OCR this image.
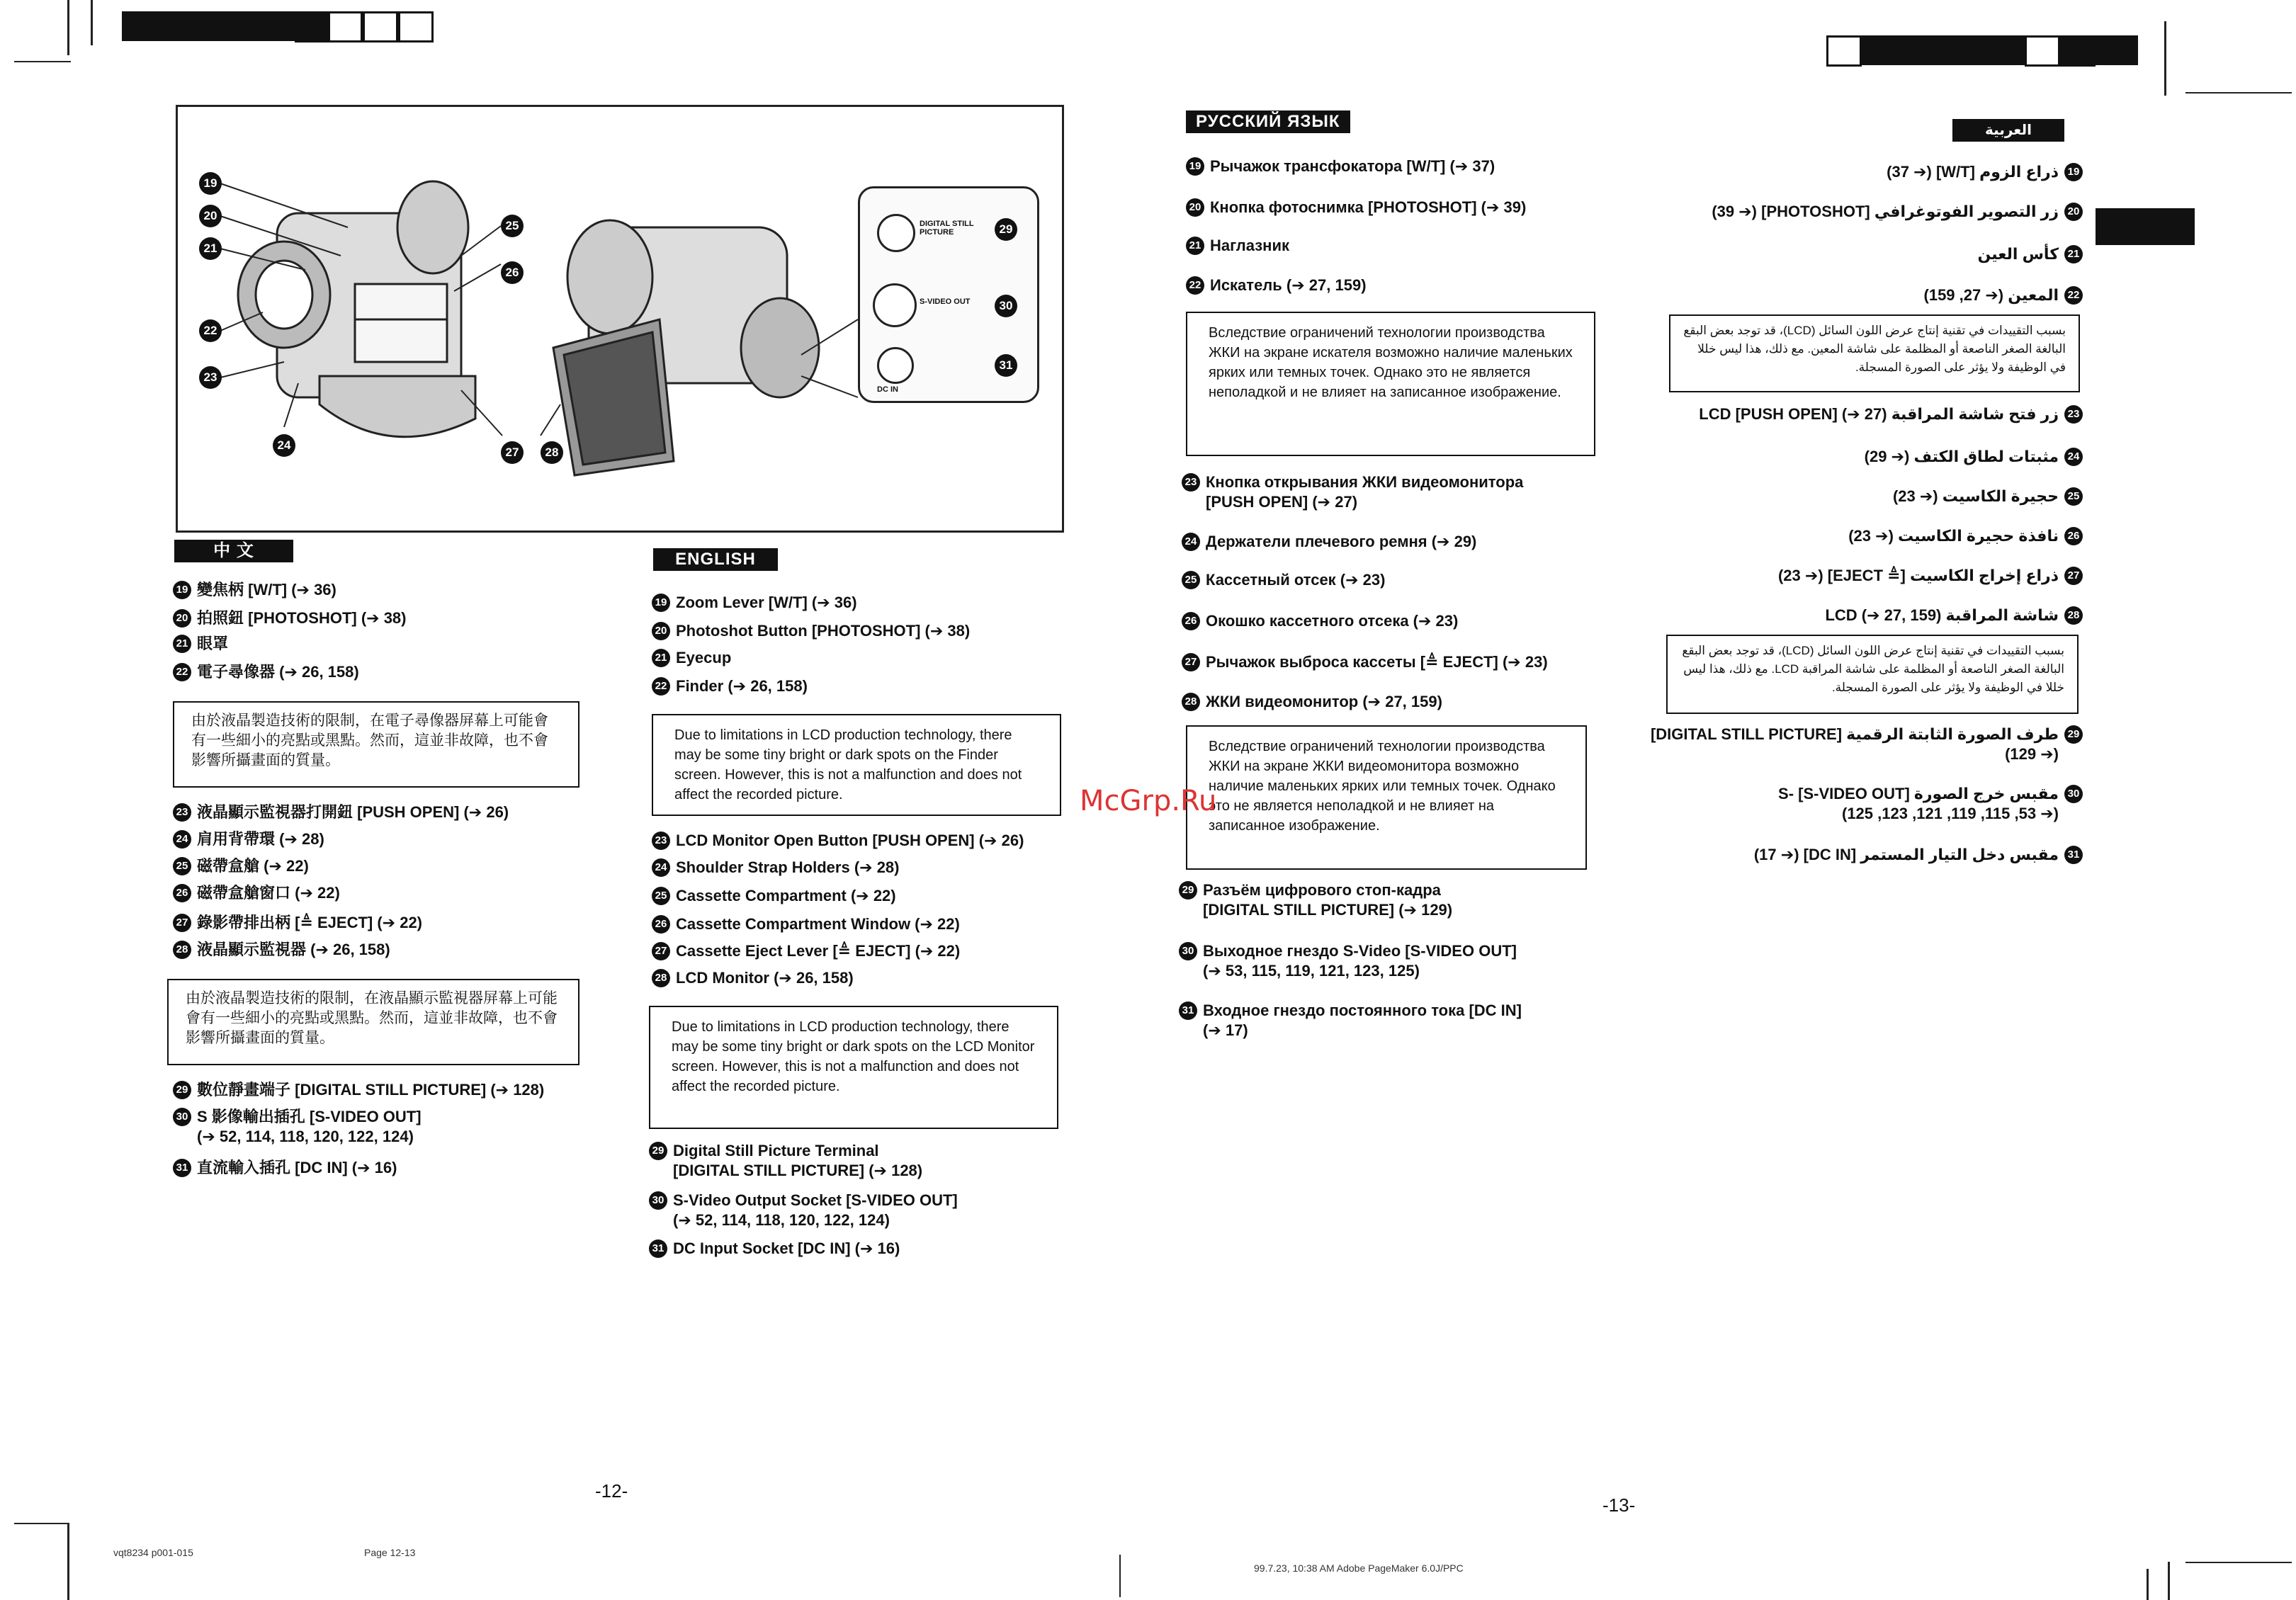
19
20
21
22
23
24
25
26
27	28
DIGITAL STILL PICTURE
S-VIDEO OUT
DC IN
29
30
31
中 文
19 變焦柄 [W/T] (➔ 36)
20 拍照鈕 [PHOTOSHOT] (➔ 38)
21 眼罩
22 電子尋像器 (➔ 26, 158)
由於液晶製造技術的限制，在電子尋像器屏幕上可能會有一些細小的亮點或黑點。然而，這並非故障，也不會影響所攝畫面的質量。
23 液晶顯示監視器打開鈕 [PUSH OPEN] (➔ 26)
24 肩用背帶環 (➔ 28)
25 磁帶盒艙 (➔ 22)
26 磁帶盒艙窗口 (➔ 22)
27 錄影帶排出柄 [≜ EJECT] (➔ 22)
28 液晶顯示監視器 (➔ 26, 158)
由於液晶製造技術的限制，在液晶顯示監視器屏幕上可能會有一些細小的亮點或黑點。然而，這並非故障，也不會影響所攝畫面的質量。
29 數位靜畫端子 [DIGITAL STILL PICTURE] (➔ 128)
30 S 影像輸出插孔 [S-VIDEO OUT]
(➔ 52, 114, 118, 120, 122, 124)
31 直流輸入插孔 [DC IN] (➔ 16)
ENGLISH
19 Zoom Lever [W/T] (➔ 36)
20 Photoshot Button [PHOTOSHOT] (➔ 38)
21 Eyecup
22 Finder (➔ 26, 158)
Due to limitations in LCD production technology, there may be some tiny bright or dark spots on the Finder screen. However, this is not a malfunction and does not affect the recorded picture.
23 LCD Monitor Open Button [PUSH OPEN] (➔ 26)
24 Shoulder Strap Holders (➔ 28)
25 Cassette Compartment (➔ 22)
26 Cassette Compartment Window (➔ 22)
27 Cassette Eject Lever [≜ EJECT] (➔ 22)
28 LCD Monitor (➔ 26, 158)
Due to limitations in LCD production technology, there may be some tiny bright or dark spots on the LCD Monitor screen. However, this is not a malfunction and does not affect the recorded picture.
29 Digital Still Picture Terminal
[DIGITAL STILL PICTURE] (➔ 128)
30 S-Video Output Socket [S-VIDEO OUT]
(➔ 52, 114, 118, 120, 122, 124)
31 DC Input Socket [DC IN] (➔ 16)
РУССКИЙ ЯЗЫК
19 Рычажок трансфокатора [W/T] (➔ 37)
20 Кнопка фотоснимка [PHOTOSHOT] (➔ 39)
21 Наглазник
22 Искатель (➔ 27, 159)
Вследствие ограничений технологии производства ЖКИ на экране искателя возможно наличие маленьких ярких или темных точек. Однако это не является неполадкой и не влияет на записанное изображение.
23 Кнопка открывания ЖКИ видеомонитора
[PUSH OPEN] (➔ 27)
24 Держатели плечевого ремня (➔ 29)
25 Кассетный отсек (➔ 23)
26 Окошко кассетного отсека (➔ 23)
27 Рычажок выброса кассеты [≜ EJECT] (➔ 23)
28 ЖКИ видеомонитор (➔ 27, 159)
Вследствие ограничений технологии производства ЖКИ на экране ЖКИ видеомонитора возможно наличие маленьких ярких или темных точек. Однако это не является неполадкой и не влияет на записанное изображение.
29 Разъём цифрового стоп-кадра
[DIGITAL STILL PICTURE] (➔ 129)
30 Выходное гнездо S-Video [S-VIDEO OUT]
(➔ 53, 115, 119, 121, 123, 125)
31 Входное гнездо постоянного тока [DC IN]
(➔ 17)
العربية
19ذراع الزوم [W/T] (➔ 37)
20زر التصوير الفوتوغرافي [PHOTOSHOT] (➔ 39)
21كأس العين
22المعين (➔ 27, 159)
بسبب التقييدات في تقنية إنتاج عرض اللون السائل (LCD)، قد توجد بعض البقع البالغة الصغر الناصعة أو المظلمة على شاشة المعين. مع ذلك، هذا ليس خللا في الوظيفة ولا يؤثر على الصورة المسجلة.
23زر فتح شاشة المراقبة LCD [PUSH OPEN] (➔ 27)
24مثبتات لطاق الكتف (➔ 29)
25حجيرة الكاسيت (➔ 23)
26نافذة حجيرة الكاسيت (➔ 23)
27ذراع إخراج الكاسيت [≜ EJECT] (➔ 23)
28شاشة المراقبة LCD (➔ 27, 159)
بسبب التقييدات في تقنية إنتاج عرض اللون السائل (LCD)، قد توجد بعض البقع البالغة الصغر الناصعة أو المظلمة على شاشة المراقبة LCD. مع ذلك، هذا ليس خللا في الوظيفة ولا يؤثر على الصورة المسجلة.
29طرف الصورة الثابتة الرقمية [DIGITAL STILL PICTURE]
(➔ 129)
30مقبس خرج الصورة S- [S-VIDEO OUT]
(➔ 53, 115, 119, 121, 123, 125)
31مقبس دخل التيار المستمر [DC IN] (➔ 17)
McGrp.Ru
-12-
-13-
vqt8234 p001-015	Page 12-13
99.7.23, 10:38 AM Adobe PageMaker 6.0J/PPC
